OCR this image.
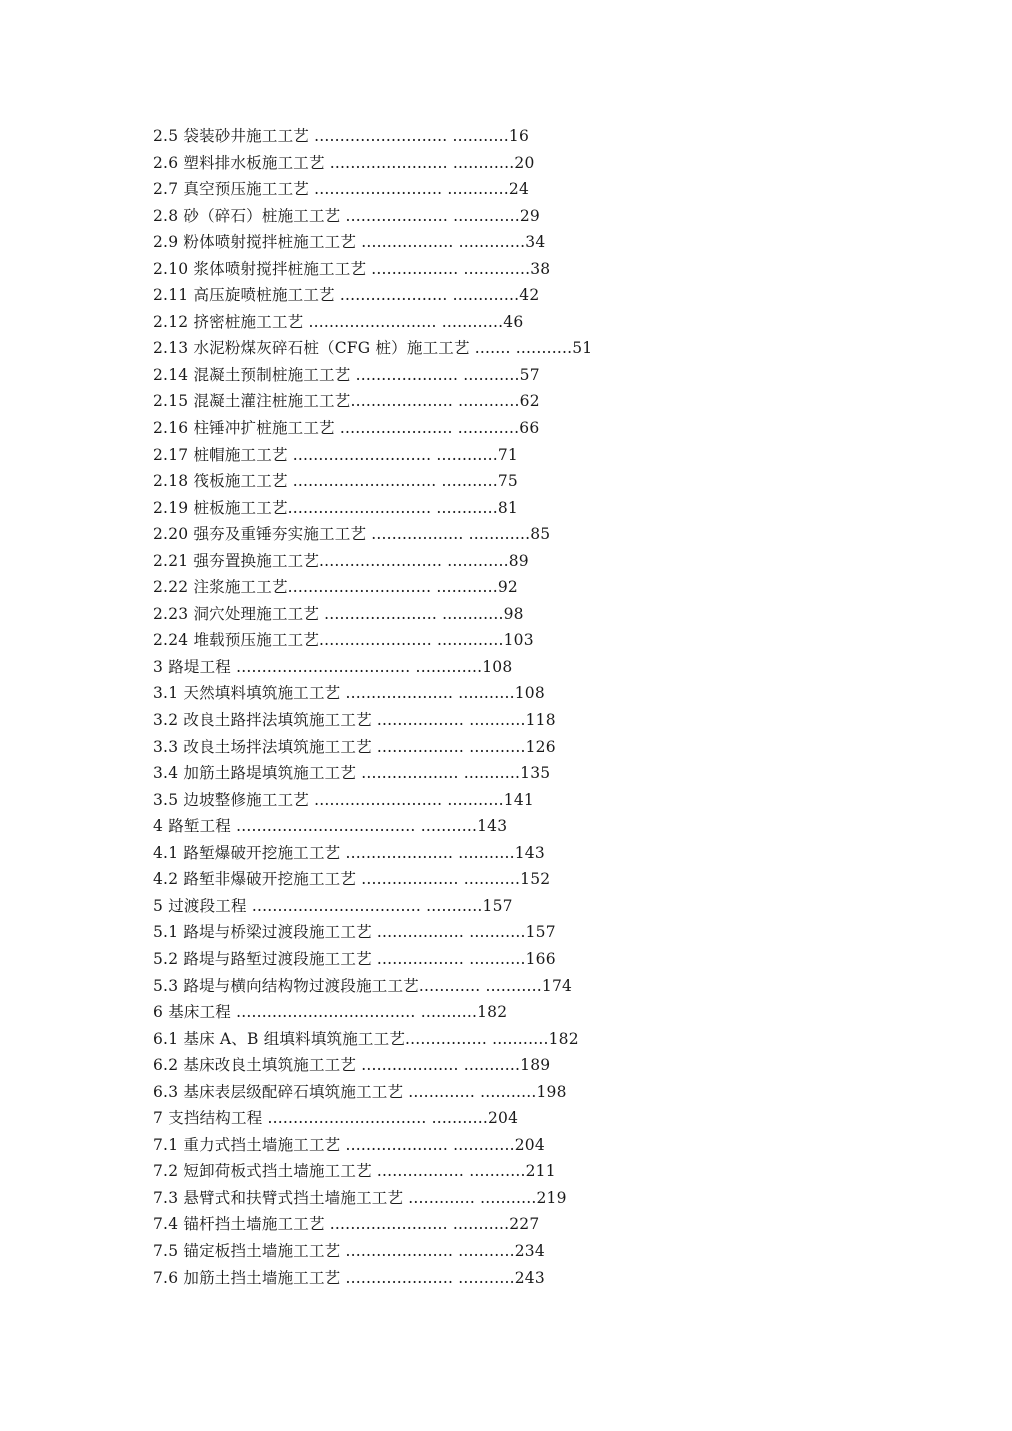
2.5 袋装砂井施工工艺 .......................... ...........16
2.6 塑料排水板施工工艺 ....................... ............20
2.7 真空预压施工工艺 ......................... ............24
2.8 砂（碎石）桩施工工艺 .................... .............29
2.9 粉体喷射搅拌桩施工工艺 .................. .............34
2.10 浆体喷射搅拌桩施工工艺 ................. .............38
2.11 高压旋喷桩施工工艺 ..................... .............42
2.12 挤密桩施工工艺 ......................... ............46
2.13 水泥粉煤灰碎石桩（CFG 桩）施工工艺 ....... ...........51
2.14 混凝土预制桩施工工艺 .................... ...........57
2.15 混凝土灌注桩施工工艺.................... ............62
2.16 柱锤冲扩桩施工工艺 ...................... ............66
2.17 桩帽施工工艺 ........................... ............71
2.18 筏板施工工艺 ............................ ...........75
2.19 桩板施工工艺............................ ............81
2.20 强夯及重锤夯实施工工艺 .................. ............85
2.21 强夯置换施工工艺........................ ............89
2.22 注浆施工工艺............................ ............92
2.23 洞穴处理施工工艺 ...................... ............98
2.24 堆载预压施工工艺...................... .............103
3 路堤工程 .................................. .............108
3.1 天然填料填筑施工工艺 ..................... ...........108
3.2 改良土路拌法填筑施工工艺 ................. ...........118
3.3 改良土场拌法填筑施工工艺 ................. ...........126
3.4 加筋土路堤填筑施工工艺 ................... ...........135
3.5 边坡整修施工工艺 ......................... ...........141
4 路堑工程 ................................... ...........143
4.1 路堑爆破开挖施工工艺 ..................... ...........143
4.2 路堑非爆破开挖施工工艺 ................... ...........152
5 过渡段工程 ................................. ...........157
5.1 路堤与桥梁过渡段施工工艺 ................. ...........157
5.2 路堤与路堑过渡段施工工艺 ................. ...........166
5.3 路堤与横向结构物过渡段施工工艺............ ...........174
6 基床工程 ................................... ...........182
6.1 基床 A、B 组填料填筑施工工艺................ ...........182
6.2 基床改良土填筑施工工艺 ................... ...........189
6.3 基床表层级配碎石填筑施工工艺 ............. ...........198
7 支挡结构工程 ............................... ...........204
7.1 重力式挡土墙施工工艺 .................... ............204
7.2 短卸荷板式挡土墙施工工艺 ................. ...........211
7.3 悬臂式和扶臂式挡土墙施工工艺 ............. ...........219
7.4 锚杆挡土墙施工工艺 ....................... ...........227
7.5 锚定板挡土墙施工工艺 ..................... ...........234
7.6 加筋土挡土墙施工工艺 ..................... ...........243
